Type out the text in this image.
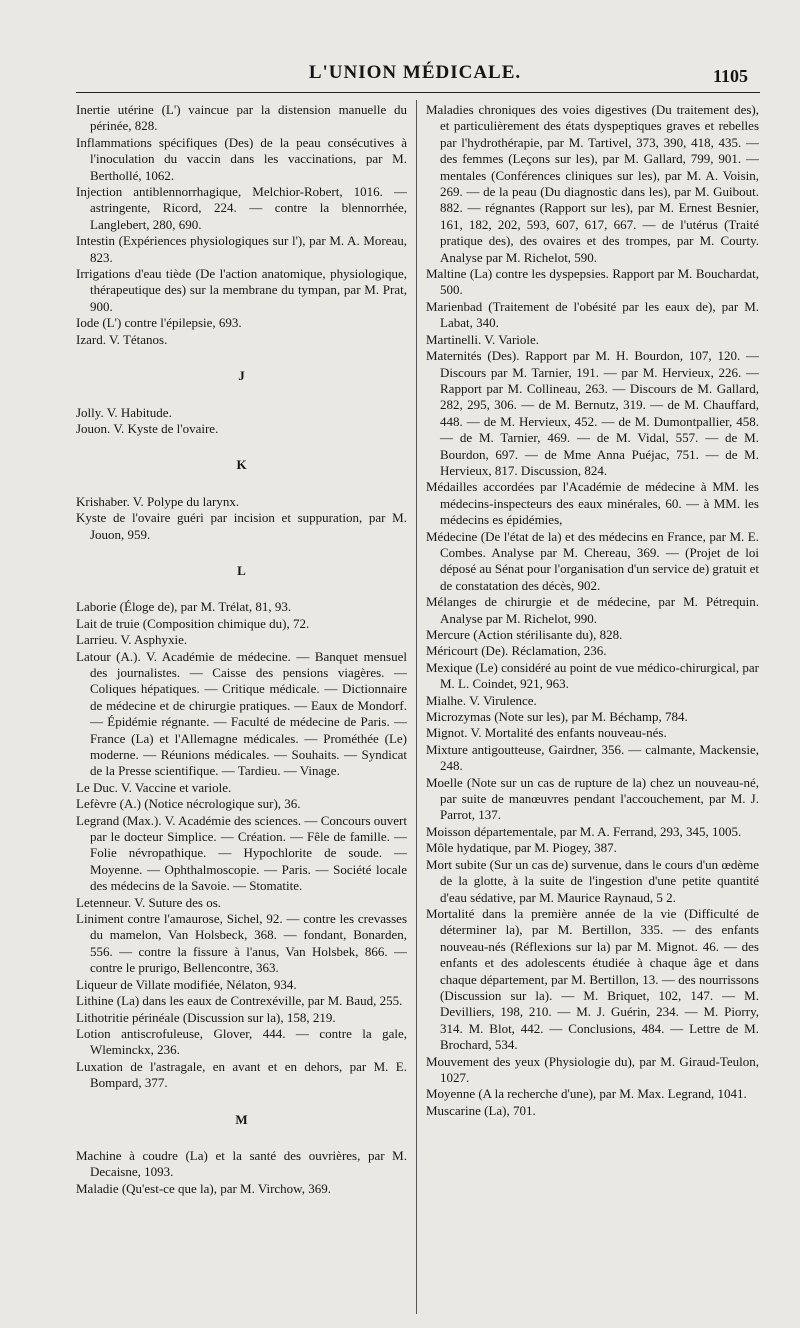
L'UNION MÉDICALE.	1105

Inertie utérine (L') vaincue par la distension manuelle du périnée, 828.

Inflammations spécifiques (Des) de la peau consécutives à l'inoculation du vaccin dans les vaccinations, par M. Berthollé, 1062.

Injection antiblennorrhagique, Melchior-Robert, 1016. — astringente, Ricord, 224. — contre la blennorrhée, Langlebert, 280, 690.

Intestin (Expériences physiologiques sur l'), par M. A. Moreau, 823.

Irrigations d'eau tiède (De l'action anatomique, physiologique, thérapeutique des) sur la membrane du tympan, par M. Prat, 900.

Iode (L') contre l'épilepsie, 693.

Izard. V. Tétanos.

J

Jolly. V. Habitude.

Jouon. V. Kyste de l'ovaire.

K

Krishaber. V. Polype du larynx.

Kyste de l'ovaire guéri par incision et suppuration, par M. Jouon, 959.

L

Laborie (Éloge de), par M. Trélat, 81, 93.

Lait de truie (Composition chimique du), 72.

Larrieu. V. Asphyxie.

Latour (A.). V. Académie de médecine. — Banquet mensuel des journalistes. — Caisse des pensions viagères. — Coliques hépatiques. — Critique médicale. — Dictionnaire de médecine et de chirurgie pratiques. — Eaux de Mondorf. — Épidémie régnante. — Faculté de médecine de Paris. — France (La) et l'Allemagne médicales. — Prométhée (Le) moderne. — Réunions médicales. — Souhaits. — Syndicat de la Presse scientifique. — Tardieu. — Vinage.

Le Duc. V. Vaccine et variole.

Lefèvre (A.) (Notice nécrologique sur), 36.

Legrand (Max.). V. Académie des sciences. — Concours ouvert par le docteur Simplice. — Création. — Fêle de famille. — Folie névropathique. — Hypochlorite de soude. — Moyenne. — Ophthalmoscopie. — Paris. — Société locale des médecins de la Savoie. — Stomatite.

Letenneur. V. Suture des os.

Liniment contre l'amaurose, Sichel, 92. — contre les crevasses du mamelon, Van Holsbeck, 368. — fondant, Bonarden, 556. — contre la fissure à l'anus, Van Holsbek, 866. — contre le prurigo, Bellencontre, 363.

Liqueur de Villate modifiée, Nélaton, 934.

Lithine (La) dans les eaux de Contrexéville, par M. Baud, 255.

Lithotritie périnéale (Discussion sur la), 158, 219.

Lotion antiscrofuleuse, Glover, 444. — contre la gale, Wleminckx, 236.

Luxation de l'astragale, en avant et en dehors, par M. E. Bompard, 377.

M

Machine à coudre (La) et la santé des ouvrières, par M. Decaisne, 1093.

Maladie (Qu'est-ce que la), par M. Virchow, 369.

Maladies chroniques des voies digestives (Du traitement des), et particulièrement des états dyspeptiques graves et rebelles par l'hydrothérapie, par M. Tartivel, 373, 390, 418, 435. — des femmes (Leçons sur les), par M. Gallard, 799, 901. — mentales (Conférences cliniques sur les), par M. A. Voisin, 269. — de la peau (Du diagnostic dans les), par M. Guibout. 882. — régnantes (Rapport sur les), par M. Ernest Besnier, 161, 182, 202, 593, 607, 617, 667. — de l'utérus (Traité pratique des), des ovaires et des trompes, par M. Courty. Analyse par M. Richelot, 590.

Maltine (La) contre les dyspepsies. Rapport par M. Bouchardat, 500.

Marienbad (Traitement de l'obésité par les eaux de), par M. Labat, 340.

Martinelli. V. Variole.

Maternités (Des). Rapport par M. H. Bourdon, 107, 120. — Discours par M. Tarnier, 191. — par M. Hervieux, 226. — Rapport par M. Collineau, 263. — Discours de M. Gallard, 282, 295, 306. — de M. Bernutz, 319. — de M. Chauffard, 448. — de M. Hervieux, 452. — de M. Dumontpallier, 458. — de M. Tarnier, 469. — de M. Vidal, 557. — de M. Bourdon, 697. — de Mme Anna Puéjac, 751. — de M. Hervieux, 817. Discussion, 824.

Médailles accordées par l'Académie de médecine à MM. les médecins-inspecteurs des eaux minérales, 60. — à MM. les médecins es épidémies,

Médecine (De l'état de la) et des médecins en France, par M. E. Combes. Analyse par M. Chereau, 369. — (Projet de loi déposé au Sénat pour l'organisation d'un service de) gratuit et de constatation des décès, 902.

Mélanges de chirurgie et de médecine, par M. Pétrequin. Analyse par M. Richelot, 990.

Mercure (Action stérilisante du), 828.

Méricourt (De). Réclamation, 236.

Mexique (Le) considéré au point de vue médico-chirurgical, par M. L. Coindet, 921, 963.

Mialhe. V. Virulence.

Microzymas (Note sur les), par M. Béchamp, 784.

Mignot. V. Mortalité des enfants nouveau-nés.

Mixture antigoutteuse, Gairdner, 356. — calmante, Mackensie, 248.

Moelle (Note sur un cas de rupture de la) chez un nouveau-né, par suite de manœuvres pendant l'accouchement, par M. J. Parrot, 137.

Moisson départementale, par M. A. Ferrand, 293, 345, 1005.

Môle hydatique, par M. Piogey, 387.

Mort subite (Sur un cas de) survenue, dans le cours d'un œdème de la glotte, à la suite de l'ingestion d'une petite quantité d'eau sédative, par M. Maurice Raynaud, 5 2.

Mortalité dans la première année de la vie (Difficulté de déterminer la), par M. Bertillon, 335. — des enfants nouveau-nés (Réflexions sur la) par M. Mignot. 46. — des enfants et des adolescents étudiée à chaque âge et dans chaque département, par M. Bertillon, 13. — des nourrissons (Discussion sur la). — M. Briquet, 102, 147. — M. Devilliers, 198, 210. — M. J. Guérin, 234. — M. Piorry, 314. M. Blot, 442. — Conclusions, 484. — Lettre de M. Brochard, 534.

Mouvement des yeux (Physiologie du), par M. Giraud-Teulon, 1027.

Moyenne (A la recherche d'une), par M. Max. Legrand, 1041.

Muscarine (La), 701.
